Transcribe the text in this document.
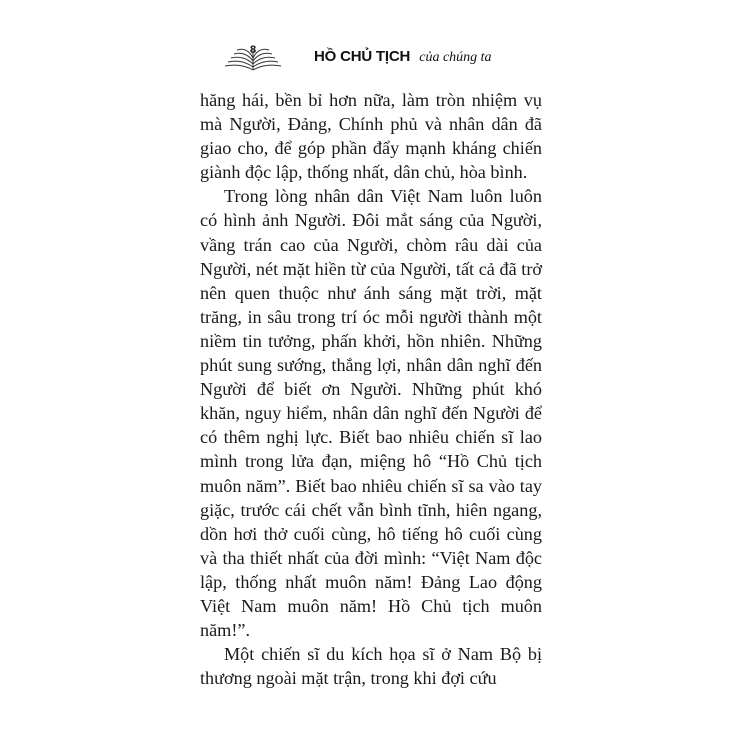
8	HỒ CHỦ TỊCH của chúng ta

hăng hái, bền bỉ hơn nữa, làm tròn nhiệm vụ mà Người, Đảng, Chính phủ và nhân dân đã giao cho, để góp phần đẩy mạnh kháng chiến giành độc lập, thống nhất, dân chủ, hòa bình.

Trong lòng nhân dân Việt Nam luôn luôn có hình ảnh Người. Đôi mắt sáng của Người, vầng trán cao của Người, chòm râu dài của Người, nét mặt hiền từ của Người, tất cả đã trở nên quen thuộc như ánh sáng mặt trời, mặt trăng, in sâu trong trí óc mỗi người thành một niềm tin tưởng, phấn khởi, hồn nhiên. Những phút sung sướng, thắng lợi, nhân dân nghĩ đến Người để biết ơn Người. Những phút khó khăn, nguy hiểm, nhân dân nghĩ đến Người để có thêm nghị lực. Biết bao nhiêu chiến sĩ lao mình trong lửa đạn, miệng hô “Hồ Chủ tịch muôn năm”. Biết bao nhiêu chiến sĩ sa vào tay giặc, trước cái chết vẫn bình tĩnh, hiên ngang, dồn hơi thở cuối cùng, hô tiếng hô cuối cùng và tha thiết nhất của đời mình: “Việt Nam độc lập, thống nhất muôn năm! Đảng Lao động Việt Nam muôn năm! Hồ Chủ tịch muôn năm!”.

Một chiến sĩ du kích họa sĩ ở Nam Bộ bị thương ngoài mặt trận, trong khi đợi cứu
